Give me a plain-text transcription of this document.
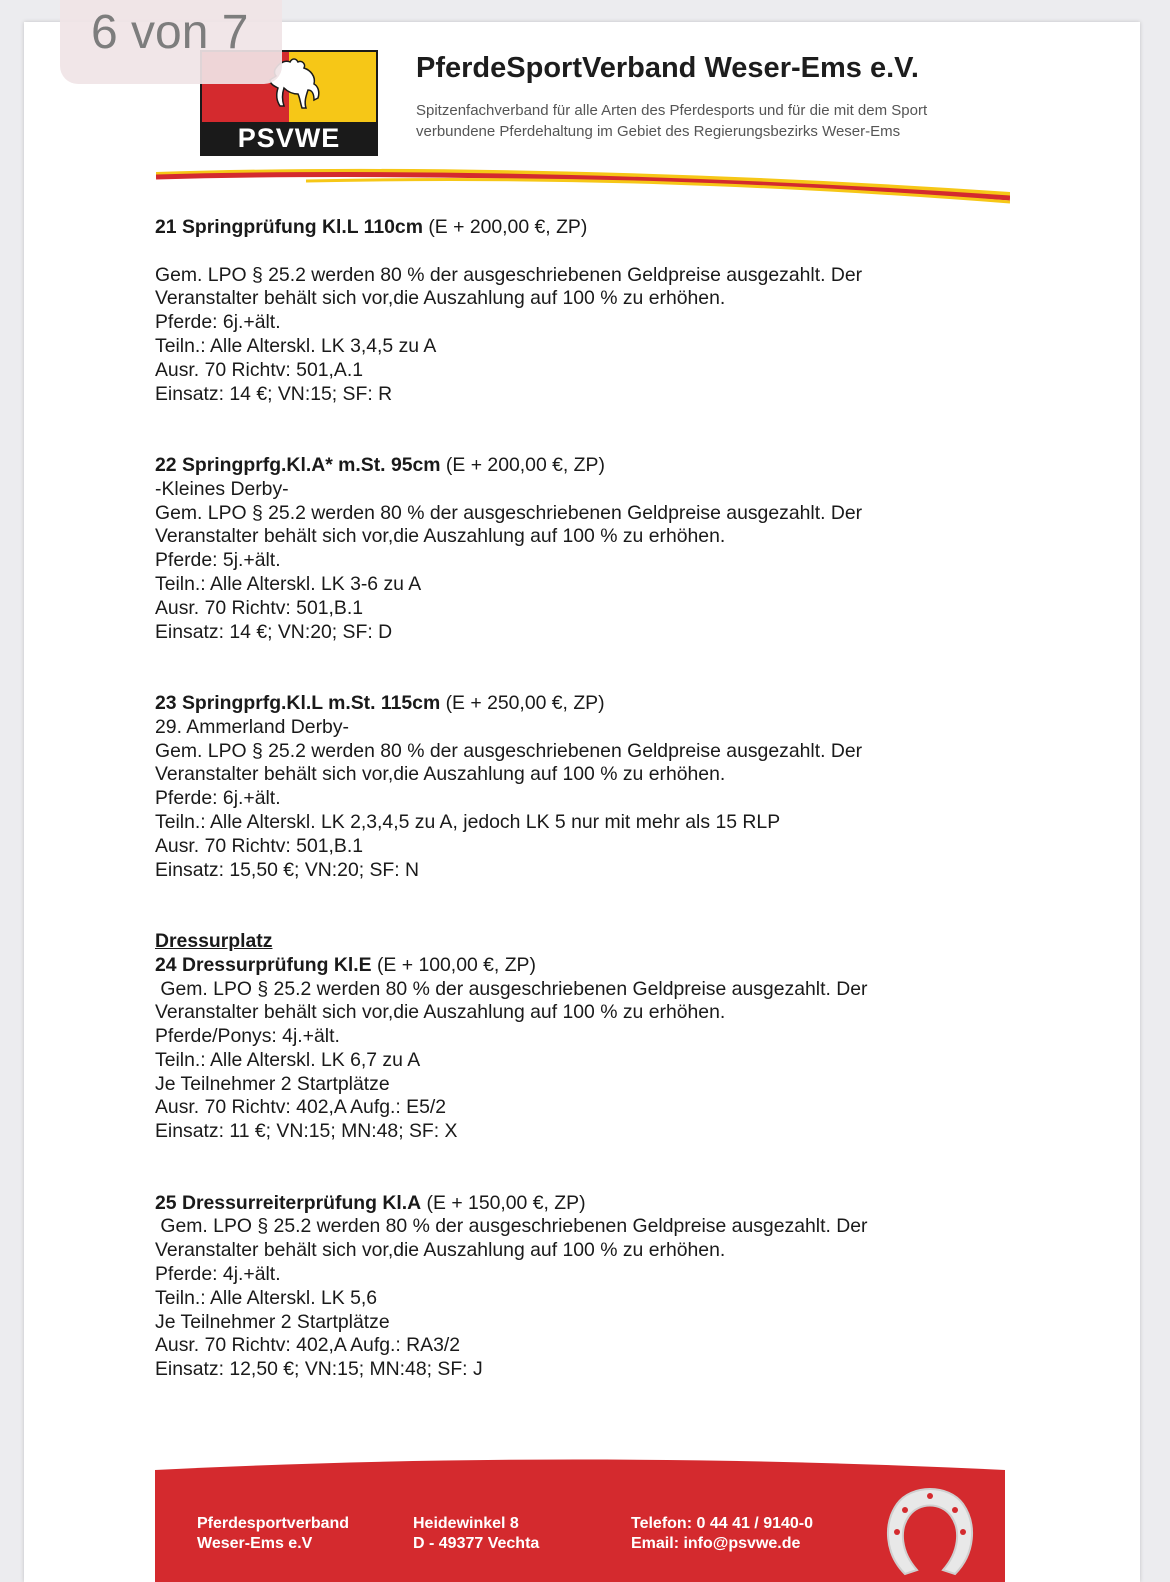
6 von 7
PSVWE
PferdeSportVerband Weser-Ems e.V.
Spitzenfachverband für alle Arten des Pferdesports und für die mit dem Sport
verbundene Pferdehaltung im Gebiet des Regierungsbezirks Weser-Ems
21 Springprüfung Kl.L 110cm (E + 200,00 €, ZP)
Gem. LPO § 25.2 werden 80 % der ausgeschriebenen Geldpreise ausgezahlt. Der
Veranstalter behält sich vor,die Auszahlung auf 100 % zu erhöhen.
Pferde: 6j.+ält.
Teiln.: Alle Alterskl. LK 3,4,5 zu A
Ausr. 70 Richtv: 501,A.1
Einsatz: 14 €; VN:15; SF: R
22 Springprfg.Kl.A* m.St. 95cm (E + 200,00 €, ZP)
-Kleines Derby-
Gem. LPO § 25.2 werden 80 % der ausgeschriebenen Geldpreise ausgezahlt. Der
Veranstalter behält sich vor,die Auszahlung auf 100 % zu erhöhen.
Pferde: 5j.+ält.
Teiln.: Alle Alterskl. LK 3-6 zu A
Ausr. 70 Richtv: 501,B.1
Einsatz: 14 €; VN:20; SF: D
23 Springprfg.Kl.L m.St. 115cm (E + 250,00 €, ZP)
29. Ammerland Derby-
Gem. LPO § 25.2 werden 80 % der ausgeschriebenen Geldpreise ausgezahlt. Der
Veranstalter behält sich vor,die Auszahlung auf 100 % zu erhöhen.
Pferde: 6j.+ält.
Teiln.: Alle Alterskl. LK 2,3,4,5 zu A, jedoch LK 5 nur mit mehr als 15 RLP
Ausr. 70 Richtv: 501,B.1
Einsatz: 15,50 €; VN:20; SF: N
Dressurplatz
24 Dressurprüfung Kl.E (E + 100,00 €, ZP)
Gem. LPO § 25.2 werden 80 % der ausgeschriebenen Geldpreise ausgezahlt. Der
Veranstalter behält sich vor,die Auszahlung auf 100 % zu erhöhen.
Pferde/Ponys: 4j.+ält.
Teiln.: Alle Alterskl. LK 6,7 zu A
Je Teilnehmer 2 Startplätze
Ausr. 70 Richtv: 402,A Aufg.: E5/2
Einsatz: 11 €; VN:15; MN:48; SF: X
25 Dressurreiterprüfung Kl.A (E + 150,00 €, ZP)
Gem. LPO § 25.2 werden 80 % der ausgeschriebenen Geldpreise ausgezahlt. Der
Veranstalter behält sich vor,die Auszahlung auf 100 % zu erhöhen.
Pferde: 4j.+ält.
Teiln.: Alle Alterskl. LK 5,6
Je Teilnehmer 2 Startplätze
Ausr. 70 Richtv: 402,A Aufg.: RA3/2
Einsatz: 12,50 €; VN:15; MN:48; SF: J
Pferdesportverband
Weser-Ems e.V
Heidewinkel 8
D - 49377 Vechta
Telefon: 0 44 41 / 9140-0
Email: info@psvwe.de
